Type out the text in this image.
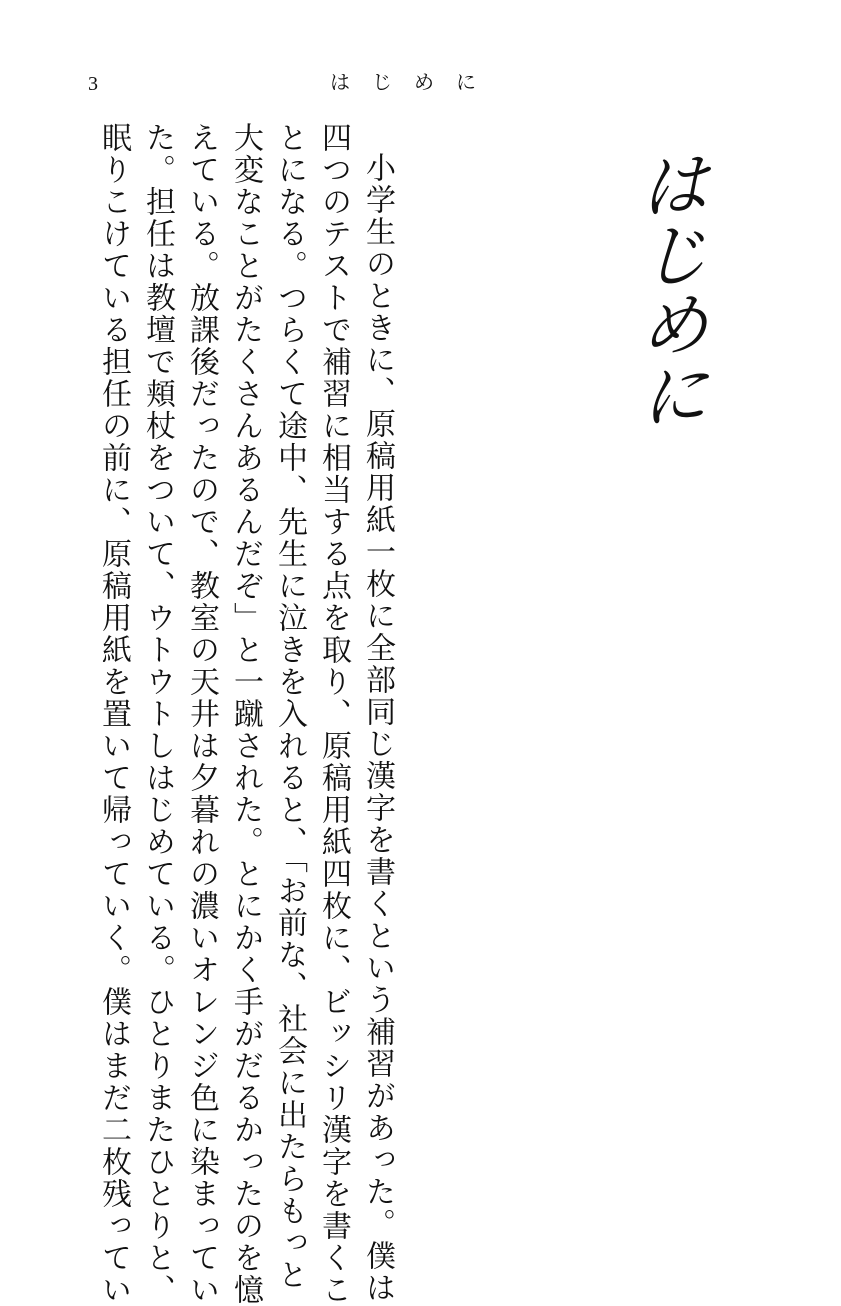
3	はじめに
はじめに
小学生のときに、原稿用紙一枚に全部同じ漢字を書くという補習があった。僕は
四つのテストで補習に相当する点を取り、原稿用紙四枚に、ビッシリ漢字を書くこ
とになる。つらくて途中、先生に泣きを入れると、「お前な、社会に出たらもっと
大変なことがたくさんあるんだぞ」と一蹴された。とにかく手がだるかったのを憶
えている。放課後だったので、教室の天井は夕暮れの濃いオレンジ色に染まってい
た。担任は教壇で頬杖をついて、ウトウトしはじめている。ひとりまたひとりと、
眠りこけている担任の前に、原稿用紙を置いて帰っていく。僕はまだ二枚残ってい
